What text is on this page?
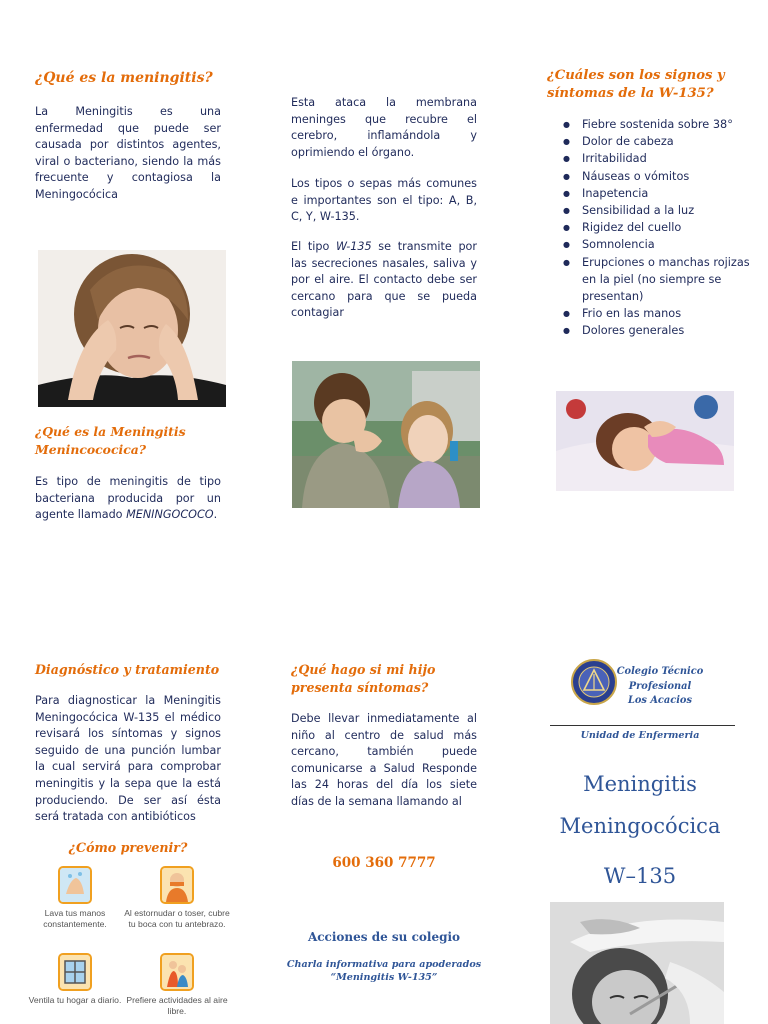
¿Qué es la meningitis?
La Meningitis es una enfermedad que puede ser causada por distintos agentes, viral o bacteriano, siendo la más frecuente y contagiosa la Meningocócica
¿Qué es la Meningitis Menincococica?
Es tipo de meningitis de tipo bacteriana producida por un agente llamado MENINGOCOCO.
Esta ataca la membrana meninges que recubre el cerebro, inflamándola y oprimiendo el órgano.
Los tipos o sepas más comunes e importantes son el tipo: A, B, C, Y, W-135.
El tipo W-135 se transmite por las secreciones nasales, saliva y por el aire. El contacto debe ser cercano para que se pueda contagiar
¿Cuáles son los signos y síntomas de la W-135?
● Fiebre sostenida sobre 38°
● Dolor de cabeza
● Irritabilidad
● Náuseas o vómitos
● Inapetencia
● Sensibilidad a la luz
● Rigidez del cuello
● Somnolencia
● Erupciones o manchas rojizas en la piel (no siempre se presentan)
● Frio en las manos
● Dolores generales
Diagnóstico y tratamiento
Para diagnosticar la Meningitis Meningocócica W-135 el médico revisará los síntomas y signos seguido de una punción lumbar la cual servirá para comprobar meningitis y la sepa que la está produciendo. De ser así ésta será tratada con antibióticos
¿Cómo prevenir?
Lava tus manos constantemente.
Al estornudar o toser, cubre tu boca con tu antebrazo.
Ventila tu hogar a diario. Prefiere actividades al aire libre.
¿Qué hago si mi hijo presenta síntomas?
Debe llevar inmediatamente al niño al centro de salud más cercano, también puede comunicarse a Salud Responde las 24 horas del día los siete días de la semana llamando al
600 360 7777
Acciones de su colegio
Charla informativa para apoderados
“Meningitis W-135”
Colegio Técnico
Profesional
Los Acacios
Unidad de Enfermeria
Meningitis
Meningocócica
W–135
